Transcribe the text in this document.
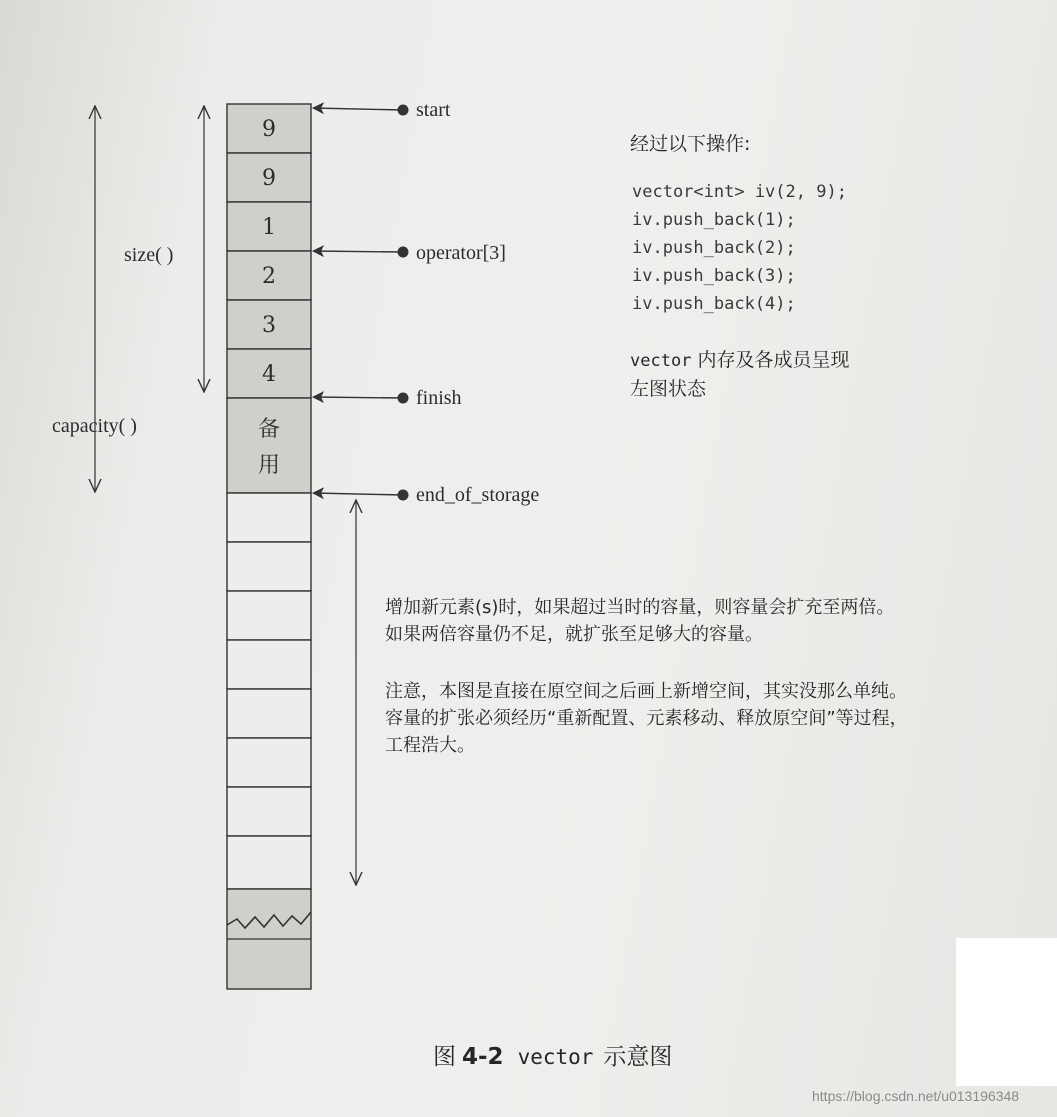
9
9
1
2
3
4
备
用
start
operator[3]
finish
end_of_storage
size( )
capacity( )

经过以下操作:

vector<int> iv(2, 9);
iv.push_back(1);
iv.push_back(2);
iv.push_back(3);
iv.push_back(4);
vector 内存及各成员呈现
左图状态
增加新元素(s)时，如果超过当时的容量，则容量会扩充至两倍。
如果两倍容量仍不足，就扩张至足够大的容量。
注意，本图是直接在原空间之后画上新增空间，其实没那么单纯。
容量的扩张必须经历“重新配置、元素移动、释放原空间”等过程，
工程浩大。
图 4-2 vector 示意图

https://blog.csdn.net/u013196348
